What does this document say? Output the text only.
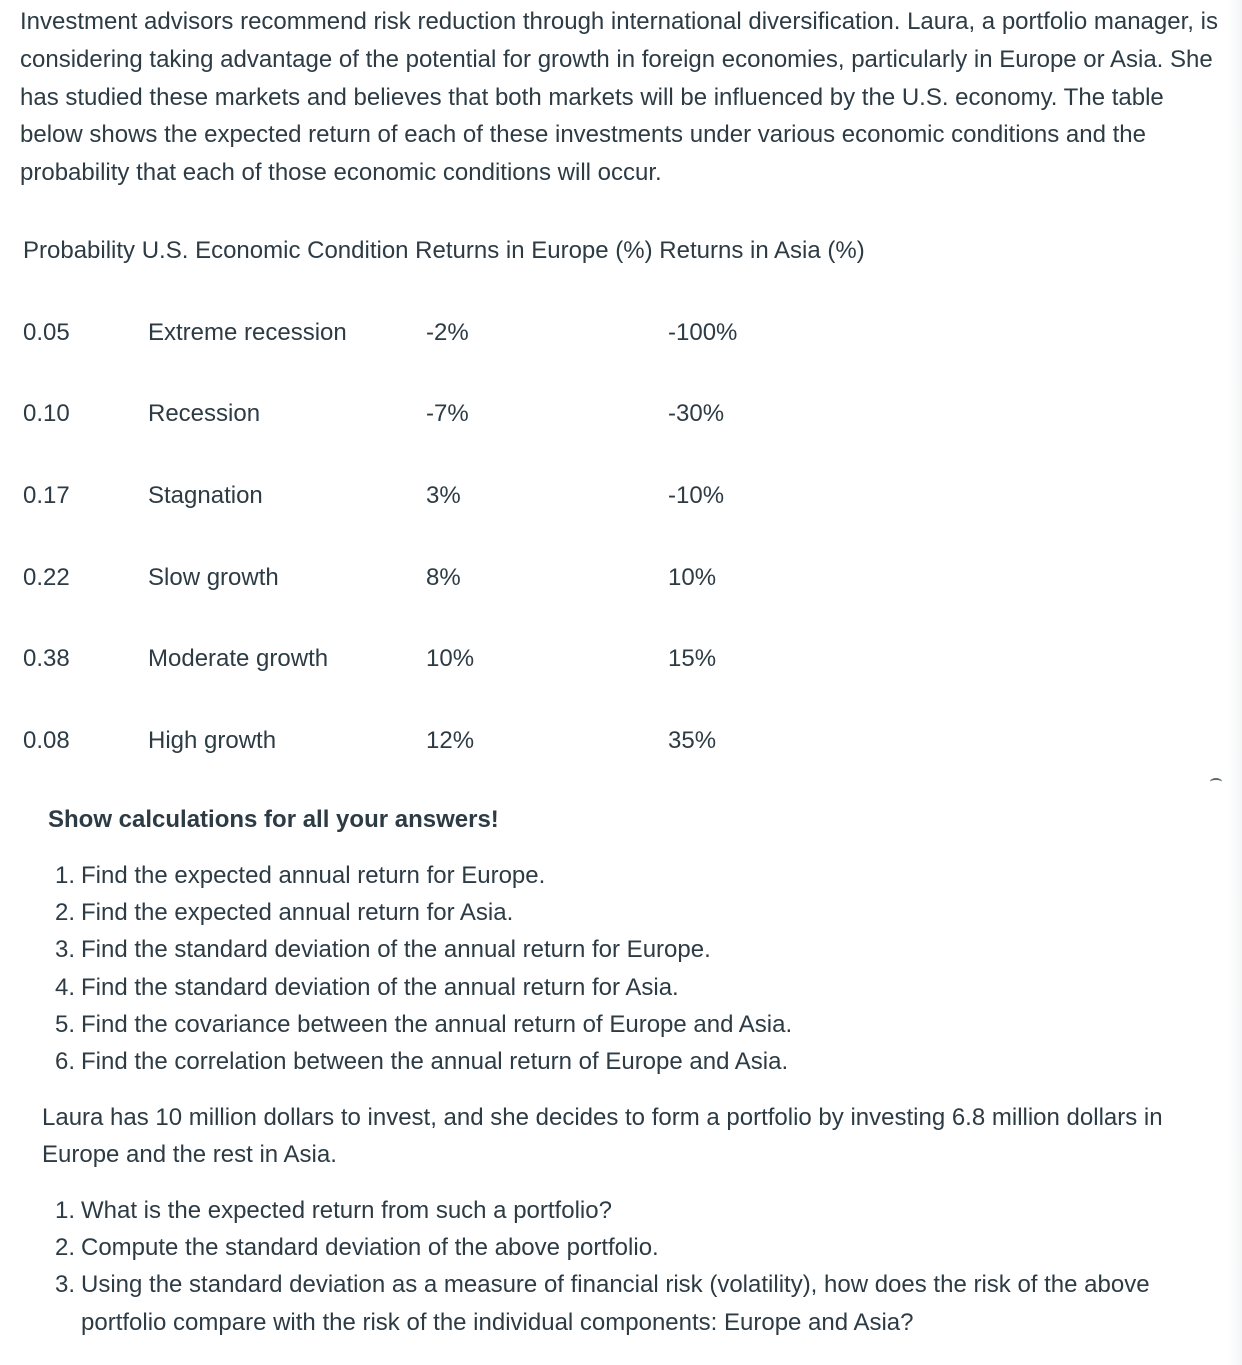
Investment advisors recommend risk reduction through international diversification. Laura, a portfolio manager, is considering taking advantage of the potential for growth in foreign economies, particularly in Europe or Asia. She has studied these markets and believes that both markets will be influenced by the U.S. economy. The table below shows the expected return of each of these investments under various economic conditions and the probability that each of those economic conditions will occur.

Probability U.S. Economic Condition Returns in Europe (%) Returns in Asia (%)

0.05	Extreme recession	-2%	-100%
0.10	Recession	-7%	-30%
0.17	Stagnation	3%	-10%
0.22	Slow growth	8%	10%
0.38	Moderate growth	10%	15%
0.08	High growth	12%	35%

Show calculations for all your answers!

1. Find the expected annual return for Europe.
2. Find the expected annual return for Asia.
3. Find the standard deviation of the annual return for Europe.
4. Find the standard deviation of the annual return for Asia.
5. Find the covariance between the annual return of Europe and Asia.
6. Find the correlation between the annual return of Europe and Asia.

Laura has 10 million dollars to invest, and she decides to form a portfolio by investing 6.8 million dollars in Europe and the rest in Asia.

1. What is the expected return from such a portfolio?
2. Compute the standard deviation of the above portfolio.
3. Using the standard deviation as a measure of financial risk (volatility), how does the risk of the above portfolio compare with the risk of the individual components: Europe and Asia?
